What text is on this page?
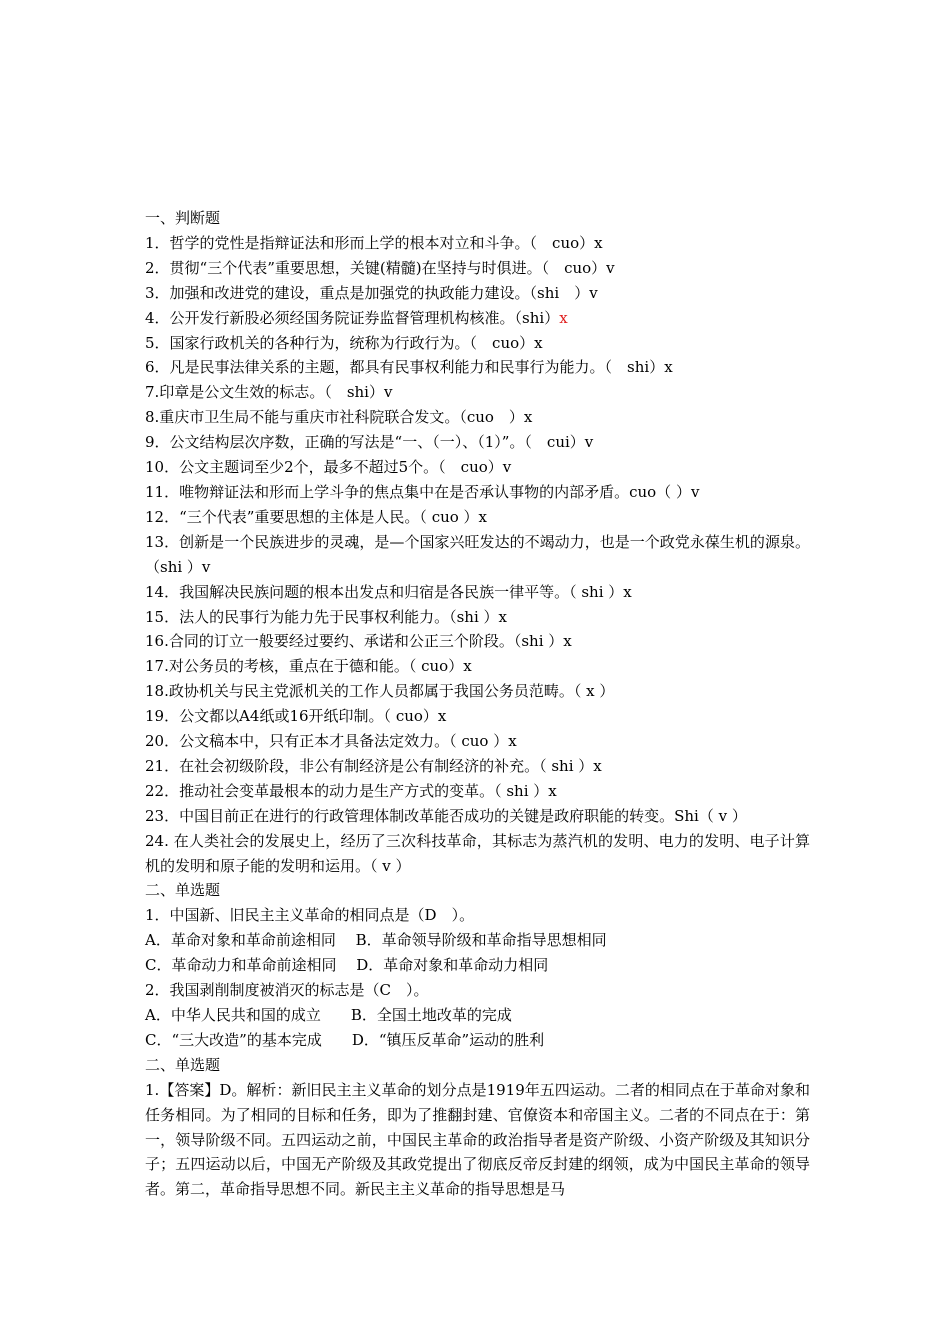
一、判断题
1．哲学的党性是指辩证法和形而上学的根本对立和斗争。（　cuo）x
2．贯彻“三个代表”重要思想，关键(精髓)在坚持与时俱进。（　cuo）v
3．加强和改进党的建设，重点是加强党的执政能力建设。（shi　）v
4．公开发行新股必须经国务院证券监督管理机构核准。（shi）x
5．国家行政机关的各种行为，统称为行政行为。（　cuo）x
6．凡是民事法律关系的主题，都具有民事权利能力和民事行为能力。（　shi）x
7.印章是公文生效的标志。（　shi）v
8.重庆市卫生局不能与重庆市社科院联合发文。（cuo　）x
9．公文结构层次序数，正确的写法是“一、（一）、（1）”。（　cui）v
10．公文主题词至少2个，最多不超过5个。（　cuo）v
11．唯物辩证法和形而上学斗争的焦点集中在是否承认事物的内部矛盾。cuo（ ）v
12．“三个代表”重要思想的主体是人民。（ cuo ）x
13．创新是一个民族进步的灵魂，是—个国家兴旺发达的不竭动力，也是一个政党永葆生机的源泉。（shi ）v
14．我国解决民族问题的根本出发点和归宿是各民族一律平等。（ shi ）x
15．法人的民事行为能力先于民事权利能力。（shi ）x
16.合同的订立一般要经过要约、承诺和公正三个阶段。（shi ）x
17.对公务员的考核，重点在于德和能。（ cuo）x
18.政协机关与民主党派机关的工作人员都属于我国公务员范畴。（ x ）
19．公文都以A4纸或16开纸印制。（ cuo）x
20．公文稿本中，只有正本才具备法定效力。（ cuo ）x
21．在社会初级阶段，非公有制经济是公有制经济的补充。（ shi ）x
22．推动社会变革最根本的动力是生产方式的变革。（ shi ）x
23．中国目前正在进行的行政管理体制改革能否成功的关键是政府职能的转变。Shi（ v ）
24. 在人类社会的发展史上，经历了三次科技革命，其标志为蒸汽机的发明、电力的发明、电子计算机的发明和原子能的发明和运用。（ v ）
二、单选题
1．中国新、旧民主主义革命的相同点是（D　）。
A．革命对象和革命前途相同　 B．革命领导阶级和革命指导思想相同
C．革命动力和革命前途相同　 D．革命对象和革命动力相同
2．我国剥削制度被消灭的标志是（C　）。
A．中华人民共和国的成立　　B．全国土地改革的完成
C．“三大改造”的基本完成　　D．“镇压反革命”运动的胜利
二、单选题
1.【答案】D。解析：新旧民主主义革命的划分点是1919年五四运动。二者的相同点在于革命对象和任务相同。为了相同的目标和任务，即为了推翻封建、官僚资本和帝国主义。二者的不同点在于：第一，领导阶级不同。五四运动之前，中国民主革命的政治指导者是资产阶级、小资产阶级及其知识分子；五四运动以后，中国无产阶级及其政党提出了彻底反帝反封建的纲领，成为中国民主革命的领导者。第二，革命指导思想不同。新民主主义革命的指导思想是马
